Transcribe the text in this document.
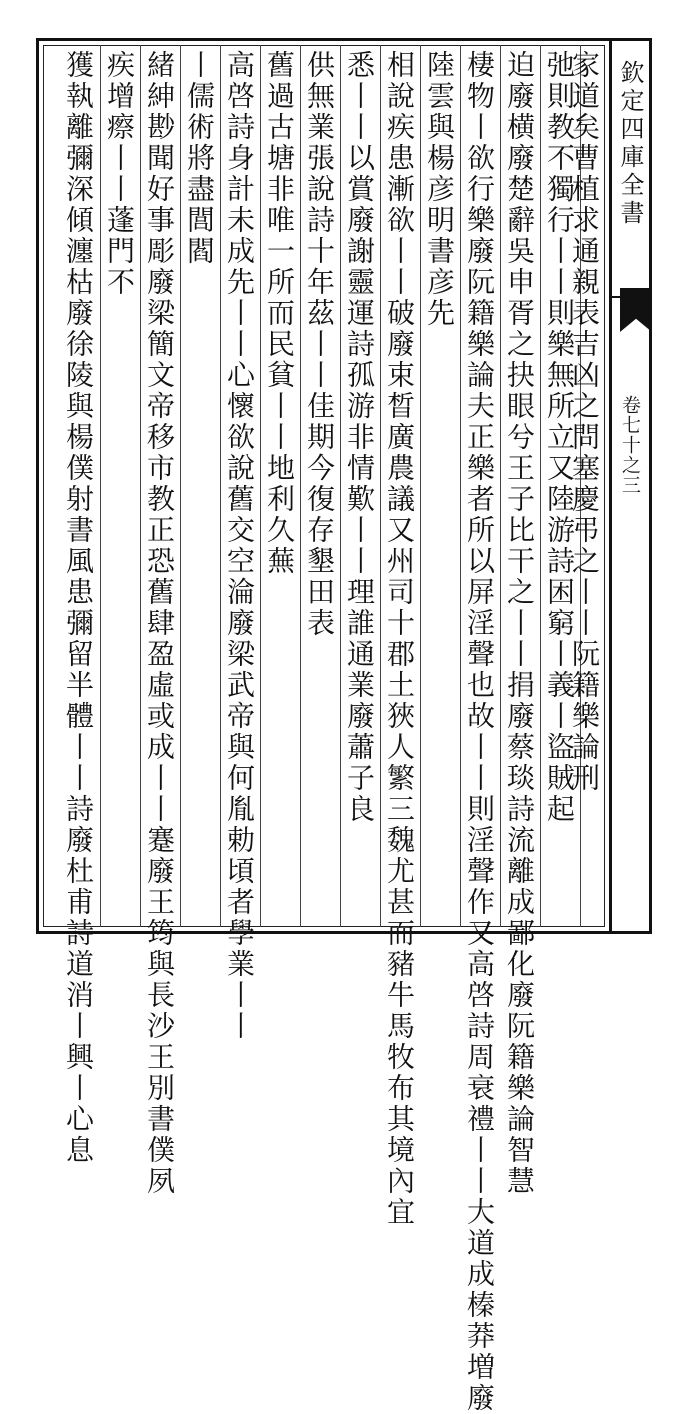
欽定四庫全書
卷七十之三
家道矣曹植求通親表吉凶之問塞慶弔之丨丨阮籍樂論刑
弛則教不獨行丨丨則樂無所立又陸游詩困窮丨義丨盜賊起
迫廢横廢楚辭吳申胥之抉眼兮王子比干之丨丨捐廢蔡琰詩流離成鄙化廢阮籍樂論智慧
棲物丨欲行樂廢阮籍樂論夫正樂者所以屏淫聲也故丨丨則淫聲作又高啓詩周衰禮丨丨大道成榛莽増廢
陸雲與楊彦明書彦先
相說疾患漸欲丨丨破廢束晳廣農議又州司十郡土狹人繁三魏尤甚而豬牛馬牧布其境內宜
悉丨丨以賞廢謝靈運詩孤游非情歎丨丨理誰通業廢蕭子良
供無業張說詩十年茲丨丨佳期今復存墾田表
舊過古塘非唯一所而民貧丨丨地利久蕪
高啓詩身計未成先丨丨心懷欲說舊交空淪廢梁武帝與何胤勅頃者學業丨丨
丨儒術將盡閭閻
緒紳尠聞好事彫廢梁簡文帝移市教正恐舊肆盈虛或成丨丨蹇廢王筠與長沙王別書僕夙
疾增瘵丨丨蓬門不
獲執離彌深傾瀍枯廢徐陵與楊僕射書風患彌留半體丨丨詩廢杜甫詩道消丨興丨心息
